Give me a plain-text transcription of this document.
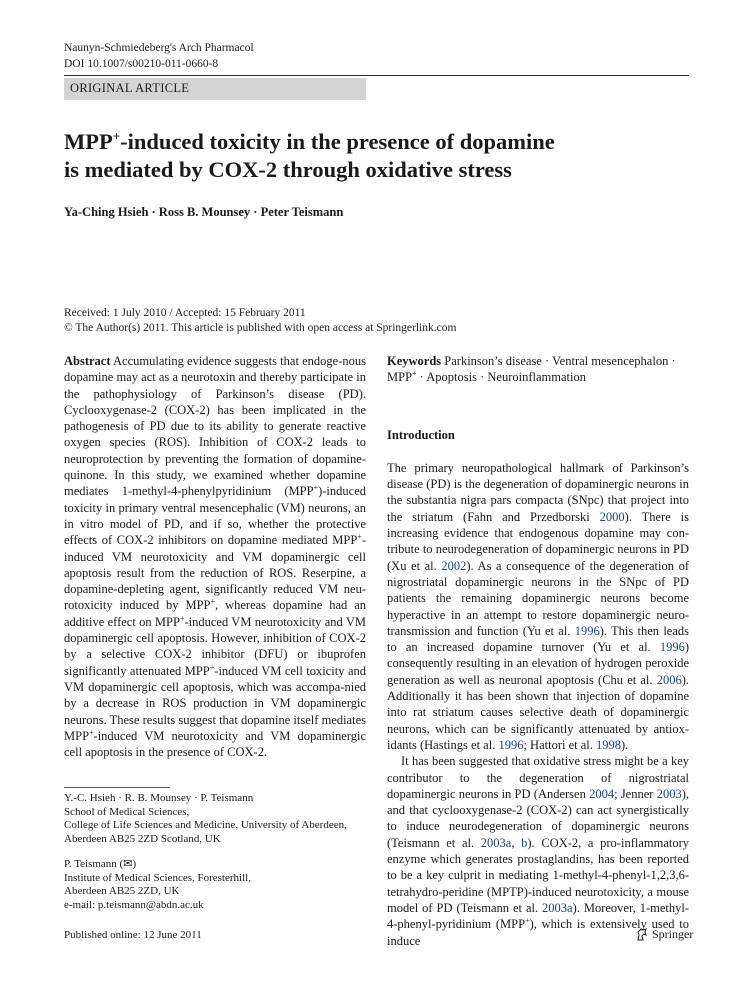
Naunyn-Schmiedeberg's Arch Pharmacol
DOI 10.1007/s00210-011-0660-8
ORIGINAL ARTICLE
MPP+-induced toxicity in the presence of dopamine
is mediated by COX-2 through oxidative stress
Ya-Ching Hsieh · Ross B. Mounsey · Peter Teismann
Received: 1 July 2010 / Accepted: 15 February 2011
© The Author(s) 2011. This article is published with open access at Springerlink.com

Abstract Accumulating evidence suggests that endoge-nous dopamine may act as a neurotoxin and thereby participate in the pathophysiology of Parkinson’s disease (PD). Cyclooxygenase-2 (COX-2) has been implicated in the pathogenesis of PD due to its ability to generate reactive oxygen species (ROS). Inhibition of COX-2 leads to neuroprotection by preventing the formation of dopamine-quinone. In this study, we examined whether dopamine mediates 1-methyl-4-phenylpyridinium (MPP+)-induced toxicity in primary ventral mesencephalic (VM) neurons, an in vitro model of PD, and if so, whether the protective effects of COX-2 inhibitors on dopamine mediated MPP+-induced VM neurotoxicity and VM dopaminergic cell apoptosis result from the reduction of ROS. Reserpine, a dopamine-depleting agent, significantly reduced VM neu-rotoxicity induced by MPP+, whereas dopamine had an additive effect on MPP+-induced VM neurotoxicity and VM dopaminergic cell apoptosis. However, inhibition of COX-2 by a selective COX-2 inhibitor (DFU) or ibuprofen significantly attenuated MPP+-induced VM cell toxicity and VM dopaminergic cell apoptosis, which was accompa-nied by a decrease in ROS production in VM dopaminergic neurons. These results suggest that dopamine itself mediates MPP+-induced VM neurotoxicity and VM dopaminergic cell apoptosis in the presence of COX-2.

Keywords Parkinson’s disease · Ventral mesencephalon · MPP+ · Apoptosis · Neuroinflammation

Introduction

The primary neuropathological hallmark of Parkinson’s disease (PD) is the degeneration of dopaminergic neurons in the substantia nigra pars compacta (SNpc) that project into the striatum (Fahn and Przedborski 2000). There is increasing evidence that endogenous dopamine may con-tribute to neurodegeneration of dopaminergic neurons in PD (Xu et al. 2002). As a consequence of the degeneration of nigrostriatal dopaminergic neurons in the SNpc of PD patients the remaining dopaminergic neurons become hyperactive in an attempt to restore dopaminergic neuro-transmission and function (Yu et al. 1996). This then leads to an increased dopamine turnover (Yu et al. 1996) consequently resulting in an elevation of hydrogen peroxide generation as well as neuronal apoptosis (Chu et al. 2006). Additionally it has been shown that injection of dopamine into rat striatum causes selective death of dopaminergic neurons, which can be significantly attenuated by antiox-idants (Hastings et al. 1996; Hattori et al. 1998).

It has been suggested that oxidative stress might be a key contributor to the degeneration of nigrostriatal dopaminergic neurons in PD (Andersen 2004; Jenner 2003), and that cyclooxygenase-2 (COX-2) can act synergistically to induce neurodegeneration of dopaminergic neurons (Teismann et al. 2003a, b). COX-2, a pro-inflammatory enzyme which generates prostaglandins, has been reported to be a key culprit in mediating 1-methyl-4-phenyl-1,2,3,6-tetrahydro-peridine (MPTP)-induced neurotoxicity, a mouse model of PD (Teismann et al. 2003a). Moreover, 1-methyl-4-phenyl-pyridinium (MPP+), which is extensively used to induce

Y.-C. Hsieh · R. B. Mounsey · P. Teismann

School of Medical Sciences,

College of Life Sciences and Medicine, University of Aberdeen,

Aberdeen AB25 2ZD Scotland, UK

P. Teismann (✉)

Institute of Medical Sciences, Foresterhill,

Aberdeen AB25 2ZD, UK

e-mail: p.teismann@abdn.ac.uk

Published online: 12 June 2011	Springer
